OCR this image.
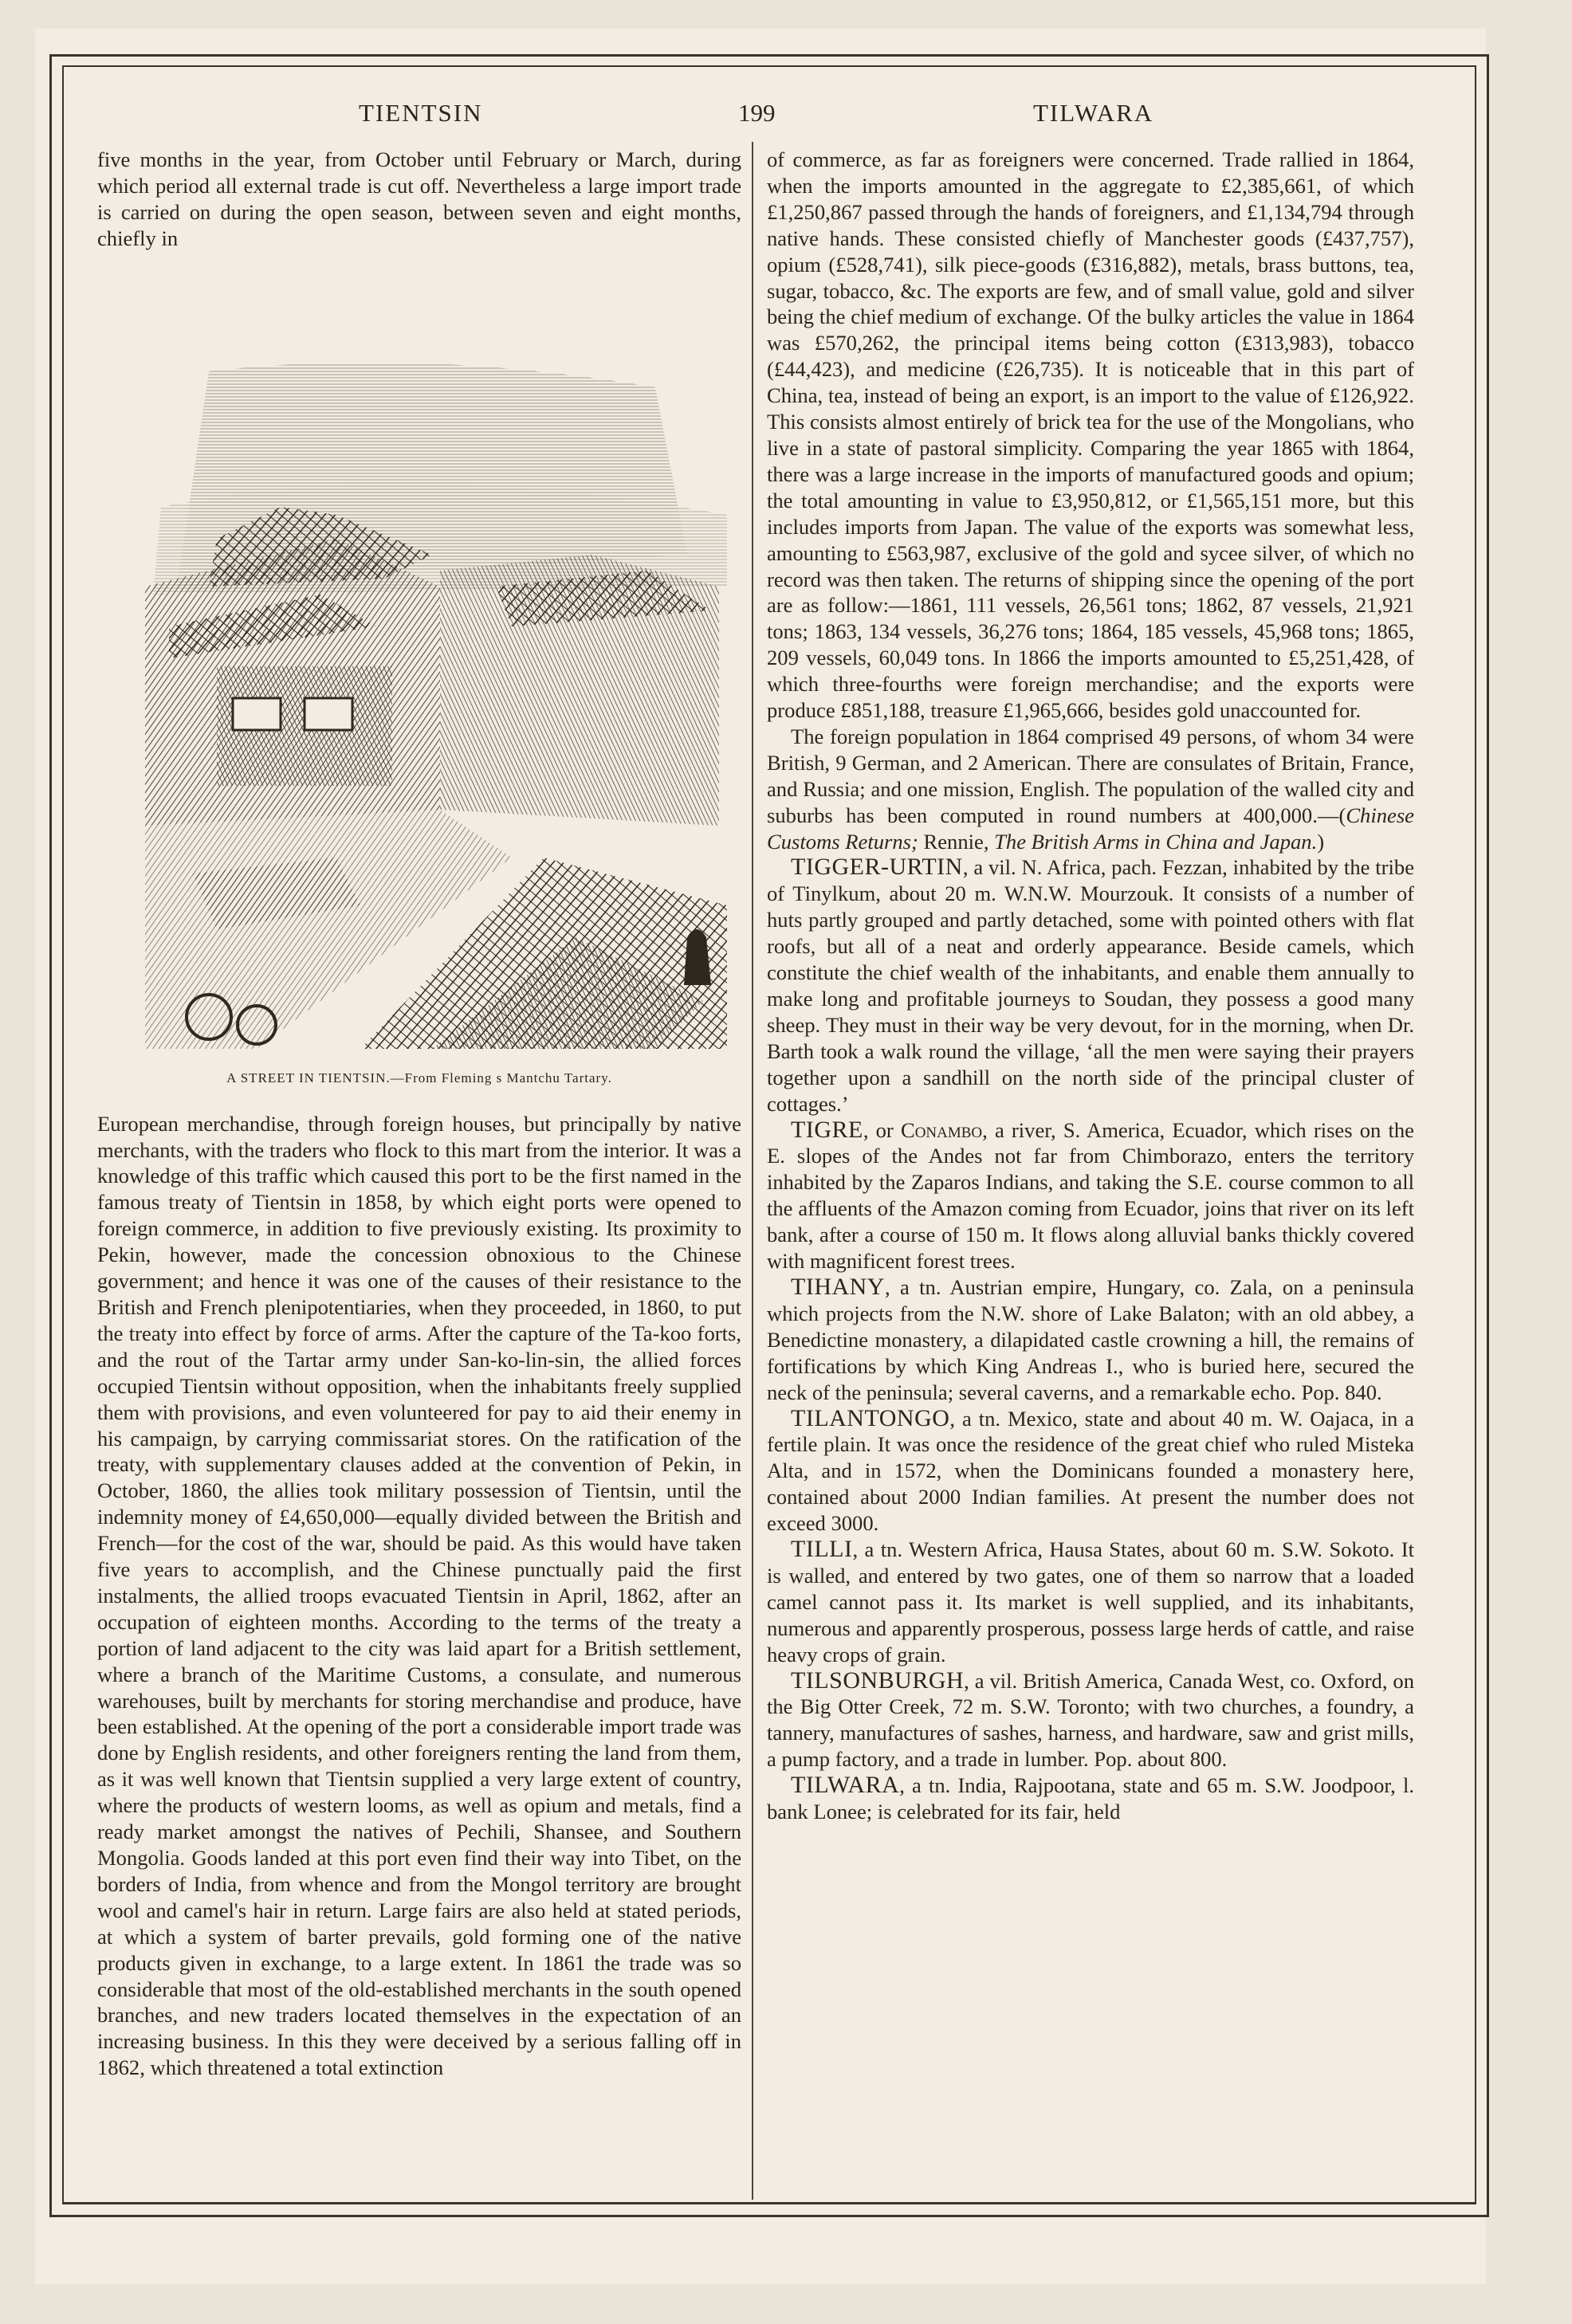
TIENTSIN	199	TILWARA

five months in the year, from October until February or March, during which period all external trade is cut off. Nevertheless a large import trade is carried on during the open season, between seven and eight months, chiefly in

A STREET IN TIENTSIN.—From Fleming s Mantchu Tartary.

European merchandise, through foreign houses, but principally by native merchants, with the traders who flock to this mart from the interior. It was a knowledge of this traffic which caused this port to be the first named in the famous treaty of Tientsin in 1858, by which eight ports were opened to foreign commerce, in addition to five previously existing. Its proximity to Pekin, however, made the concession obnoxious to the Chinese government; and hence it was one of the causes of their resistance to the British and French plenipotentiaries, when they proceeded, in 1860, to put the treaty into effect by force of arms. After the capture of the Ta-koo forts, and the rout of the Tartar army under San-ko-lin-sin, the allied forces occupied Tientsin without opposition, when the inhabitants freely supplied them with provisions, and even volunteered for pay to aid their enemy in his campaign, by carrying commissariat stores. On the ratification of the treaty, with supplementary clauses added at the convention of Pekin, in October, 1860, the allies took military possession of Tientsin, until the indemnity money of £4,650,000—equally divided between the British and French—for the cost of the war, should be paid. As this would have taken five years to accomplish, and the Chinese punctually paid the first instalments, the allied troops evacuated Tientsin in April, 1862, after an occupation of eighteen months. According to the terms of the treaty a portion of land adjacent to the city was laid apart for a British settlement, where a branch of the Maritime Customs, a consulate, and numerous warehouses, built by merchants for storing merchandise and produce, have been established. At the opening of the port a considerable import trade was done by English residents, and other foreigners renting the land from them, as it was well known that Tientsin supplied a very large extent of country, where the products of western looms, as well as opium and metals, find a ready market amongst the natives of Pechili, Shansee, and Southern Mongolia. Goods landed at this port even find their way into Tibet, on the borders of India, from whence and from the Mongol territory are brought wool and camel's hair in return. Large fairs are also held at stated periods, at which a system of barter prevails, gold forming one of the native products given in exchange, to a large extent. In 1861 the trade was so considerable that most of the old-established merchants in the south opened branches, and new traders located themselves in the expectation of an increasing business. In this they were deceived by a serious falling off in 1862, which threatened a total extinction

of commerce, as far as foreigners were concerned. Trade rallied in 1864, when the imports amounted in the aggregate to £2,385,661, of which £1,250,867 passed through the hands of foreigners, and £1,134,794 through native hands. These consisted chiefly of Manchester goods (£437,757), opium (£528,741), silk piece-goods (£316,882), metals, brass buttons, tea, sugar, tobacco, &c. The exports are few, and of small value, gold and silver being the chief medium of exchange. Of the bulky articles the value in 1864 was £570,262, the principal items being cotton (£313,983), tobacco (£44,423), and medicine (£26,735). It is noticeable that in this part of China, tea, instead of being an export, is an import to the value of £126,922. This consists almost entirely of brick tea for the use of the Mongolians, who live in a state of pastoral simplicity. Comparing the year 1865 with 1864, there was a large increase in the imports of manufactured goods and opium; the total amounting in value to £3,950,812, or £1,565,151 more, but this includes imports from Japan. The value of the exports was somewhat less, amounting to £563,987, exclusive of the gold and sycee silver, of which no record was then taken. The returns of shipping since the opening of the port are as follow:—1861, 111 vessels, 26,561 tons; 1862, 87 vessels, 21,921 tons; 1863, 134 vessels, 36,276 tons; 1864, 185 vessels, 45,968 tons; 1865, 209 vessels, 60,049 tons. In 1866 the imports amounted to £5,251,428, of which three-fourths were foreign merchandise; and the exports were produce £851,188, treasure £1,965,666, besides gold unaccounted for.

The foreign population in 1864 comprised 49 persons, of whom 34 were British, 9 German, and 2 American. There are consulates of Britain, France, and Russia; and one mission, English. The population of the walled city and suburbs has been computed in round numbers at 400,000.—(Chinese Customs Returns; Rennie, The British Arms in China and Japan.)

TIGGER-URTIN, a vil. N. Africa, pach. Fezzan, inhabited by the tribe of Tinylkum, about 20 m. W.N.W. Mourzouk. It consists of a number of huts partly grouped and partly detached, some with pointed others with flat roofs, but all of a neat and orderly appearance. Beside camels, which constitute the chief wealth of the inhabitants, and enable them annually to make long and profitable journeys to Soudan, they possess a good many sheep. They must in their way be very devout, for in the morning, when Dr. Barth took a walk round the village, ‘all the men were saying their prayers together upon a sandhill on the north side of the principal cluster of cottages.’

TIGRE, or Conambo, a river, S. America, Ecuador, which rises on the E. slopes of the Andes not far from Chimborazo, enters the territory inhabited by the Zaparos Indians, and taking the S.E. course common to all the affluents of the Amazon coming from Ecuador, joins that river on its left bank, after a course of 150 m. It flows along alluvial banks thickly covered with magnificent forest trees.

TIHANY, a tn. Austrian empire, Hungary, co. Zala, on a peninsula which projects from the N.W. shore of Lake Balaton; with an old abbey, a Benedictine monastery, a dilapidated castle crowning a hill, the remains of fortifications by which King Andreas I., who is buried here, secured the neck of the peninsula; several caverns, and a remarkable echo. Pop. 840.

TILANTONGO, a tn. Mexico, state and about 40 m. W. Oajaca, in a fertile plain. It was once the residence of the great chief who ruled Misteka Alta, and in 1572, when the Dominicans founded a monastery here, contained about 2000 Indian families. At present the number does not exceed 3000.

TILLI, a tn. Western Africa, Hausa States, about 60 m. S.W. Sokoto. It is walled, and entered by two gates, one of them so narrow that a loaded camel cannot pass it. Its market is well supplied, and its inhabitants, numerous and apparently prosperous, possess large herds of cattle, and raise heavy crops of grain.

TILSONBURGH, a vil. British America, Canada West, co. Oxford, on the Big Otter Creek, 72 m. S.W. Toronto; with two churches, a foundry, a tannery, manufactures of sashes, harness, and hardware, saw and grist mills, a pump factory, and a trade in lumber. Pop. about 800.

TILWARA, a tn. India, Rajpootana, state and 65 m. S.W. Joodpoor, l. bank Lonee; is celebrated for its fair, held
